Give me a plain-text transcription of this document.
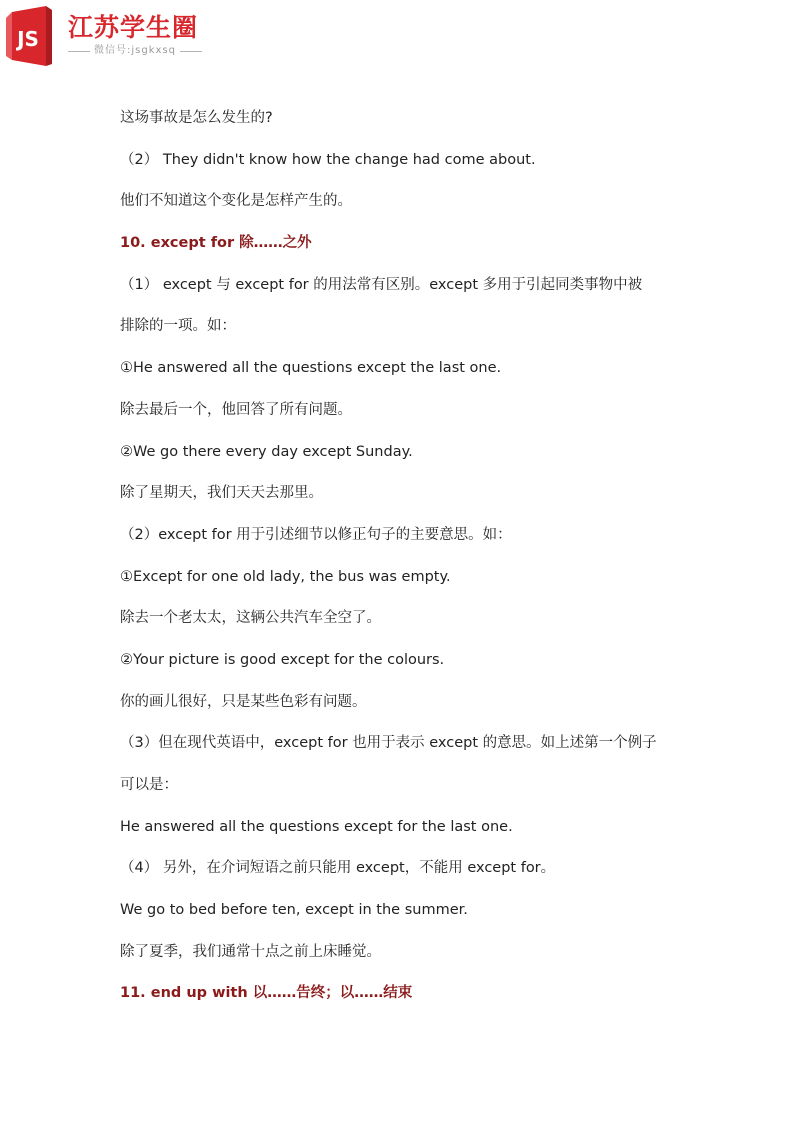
JS 江苏学生圈
微信号:jsgkxsq
这场事故是怎么发生的?
（2） They didn't know how the change had come about.
他们不知道这个变化是怎样产生的。
10. except for 除……之外
（1） except 与 except for 的用法常有区别。except 多用于引起同类事物中被
排除的一项。如：
①He answered all the questions except the last one.
除去最后一个，他回答了所有问题。
②We go there every day except Sunday.
除了星期天，我们天天去那里。
（2）except for 用于引述细节以修正句子的主要意思。如：
①Except for one old lady, the bus was empty.
除去一个老太太，这辆公共汽车全空了。
②Your picture is good except for the colours.
你的画儿很好，只是某些色彩有问题。
（3）但在现代英语中，except for 也用于表示 except 的意思。如上述第一个例子
可以是：
He answered all the questions except for the last one.
（4） 另外，在介词短语之前只能用 except，不能用 except for。
We go to bed before ten, except in the summer.
除了夏季，我们通常十点之前上床睡觉。
11. end up with 以……告终；以……结束
